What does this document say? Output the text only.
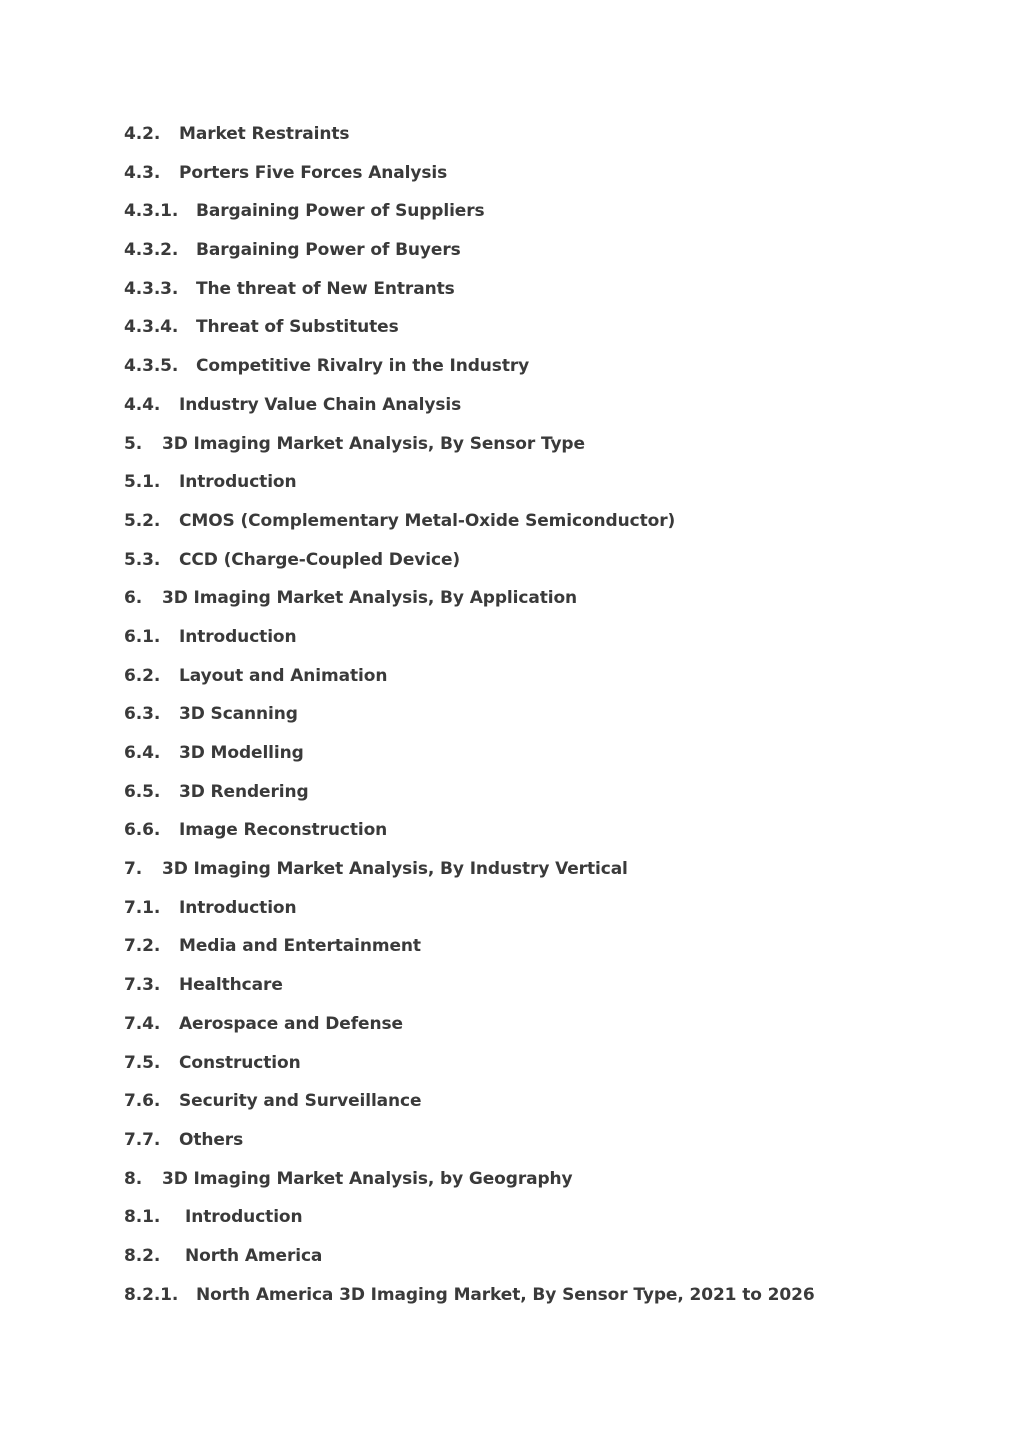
4.2.	Market Restraints
4.3.	Porters Five Forces Analysis
4.3.1.	Bargaining Power of Suppliers
4.3.2.	Bargaining Power of Buyers
4.3.3.	The threat of New Entrants
4.3.4.	Threat of Substitutes
4.3.5.	Competitive Rivalry in the Industry
4.4.	Industry Value Chain Analysis
5.	3D Imaging Market Analysis, By Sensor Type
5.1.	Introduction
5.2.	CMOS (Complementary Metal-Oxide Semiconductor)
5.3.	CCD (Charge-Coupled Device)
6.	3D Imaging Market Analysis, By Application
6.1.	Introduction
6.2.	Layout and Animation
6.3.	3D Scanning
6.4.	3D Modelling
6.5.	3D Rendering
6.6.	Image Reconstruction
7.	3D Imaging Market Analysis, By Industry Vertical
7.1.	Introduction
7.2.	Media and Entertainment
7.3.	Healthcare
7.4.	Aerospace and Defense
7.5.	Construction
7.6.	Security and Surveillance
7.7.	Others
8.	3D Imaging Market Analysis, by Geography
8.1.	Introduction
8.2.	North America
8.2.1.	North America 3D Imaging Market, By Sensor Type, 2021 to 2026
